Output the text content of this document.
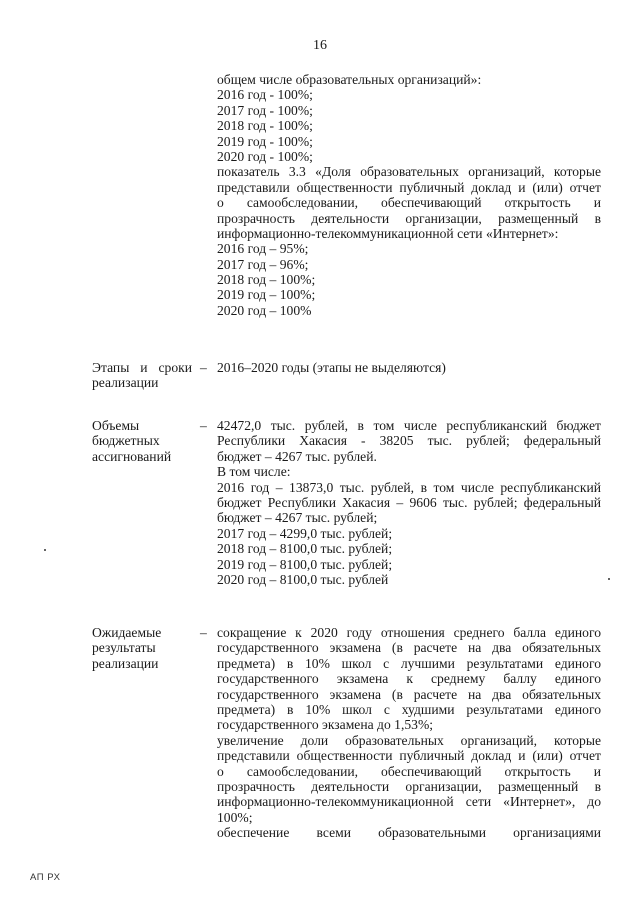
16
общем числе образовательных организаций»:
2016 год - 100%;
2017 год - 100%;
2018 год - 100%;
2019 год - 100%;
2020 год - 100%;
показатель 3.3 «Доля образовательных организаций, которые
представили общественности публичный доклад и (или) отчет
о самообследовании, обеспечивающий открытость и
прозрачность деятельности организации, размещенный в
информационно-телекоммуникационной сети «Интернет»:
2016 год – 95%;
2017 год – 96%;
2018 год – 100%;
2019 год – 100%;
2020 год – 100%
Этапы и сроки
реализации
– 2016–2020 годы (этапы не выделяются)
Объемы
бюджетных
ассигнований
– 42472,0 тыс. рублей, в том числе республиканский бюджет
Республики Хакасия - 38205 тыс. рублей; федеральный
бюджет – 4267 тыс. рублей.
В том числе:
2016 год – 13873,0 тыс. рублей, в том числе республиканский
бюджет Республики Хакасия – 9606 тыс. рублей; федеральный
бюджет – 4267 тыс. рублей;
2017 год – 4299,0 тыс. рублей;
2018 год – 8100,0 тыс. рублей;
2019 год – 8100,0 тыс. рублей;
2020 год – 8100,0 тыс. рублей
Ожидаемые
результаты
реализации
– сокращение к 2020 году отношения среднего балла единого
государственного экзамена (в расчете на два обязательных
предмета) в 10% школ с лучшими результатами единого
государственного экзамена к среднему баллу единого
государственного экзамена (в расчете на два обязательных
предмета) в 10% школ с худшими результатами единого
государственного экзамена до 1,53%;
увеличение доли образовательных организаций, которые
представили общественности публичный доклад и (или) отчет
о самообследовании, обеспечивающий открытость и
прозрачность деятельности организации, размещенный в
информационно-телекоммуникационной сети «Интернет», до
100%;
обеспечение всеми образовательными организациями
АП РХ
